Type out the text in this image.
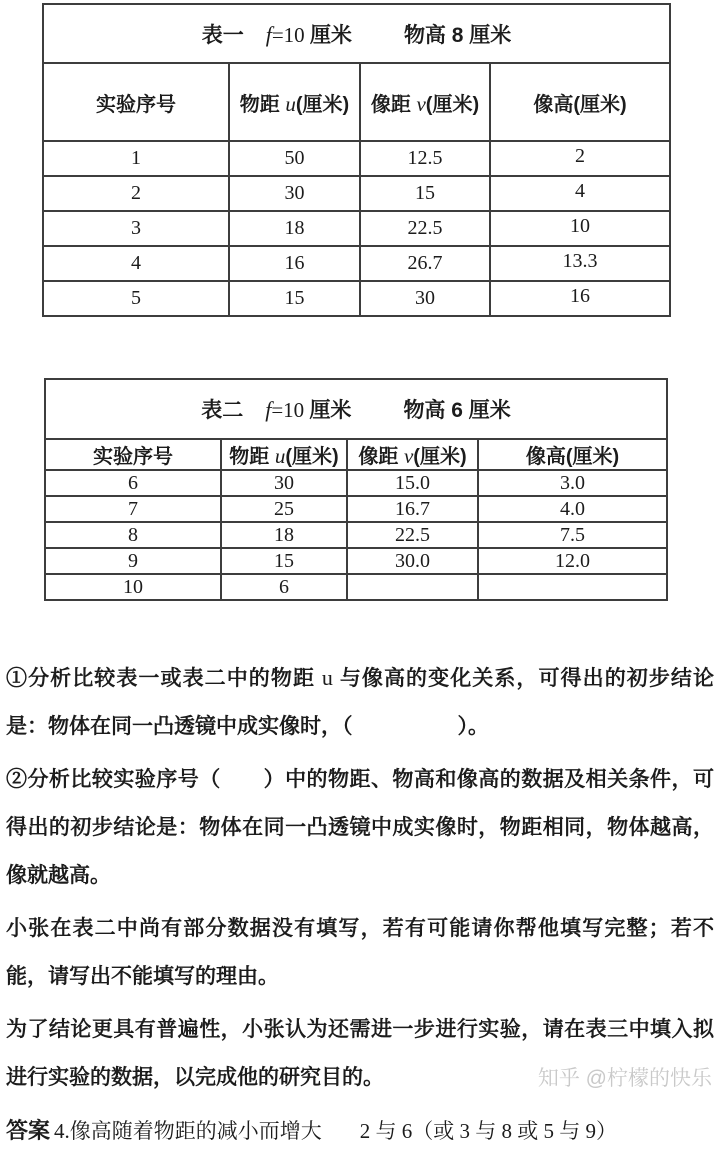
表一 f=10 厘米 物高 8 厘米			

实验序号	物距 u(厘米)	像距 v(厘米)	像高(厘米)
1	50	12.5	2
2	30	15	4
3	18	22.5	10
4	16	26.7	13.3
5	15	30	16
表二 f=10 厘米 物高 6 厘米			

实验序号	物距 u(厘米)	像距 v(厘米)	像高(厘米)
6	30	15.0	3.0
7	25	16.7	4.0
8	18	22.5	7.5
9	15	30.0	12.0
10	6		

①分析比较表一或表二中的物距 u 与像高的变化关系，可得出的初步结论是：物体在同一凸透镜中成实像时，（　　　　　）。

②分析比较实验序号（　　）中的物距、物高和像高的数据及相关条件，可得出的初步结论是：物体在同一凸透镜中成实像时，物距相同，物体越高，像就越高。

小张在表二中尚有部分数据没有填写，若有可能请你帮他填写完整；若不能，请写出不能填写的理由。

为了结论更具有普遍性，小张认为还需进一步进行实验，请在表三中填入拟进行实验的数据，以完成他的研究目的。

答案 4.像高随着物距的减小而增大 2 与 6（或 3 与 8 或 5 与 9）
知乎 @柠檬的快乐
